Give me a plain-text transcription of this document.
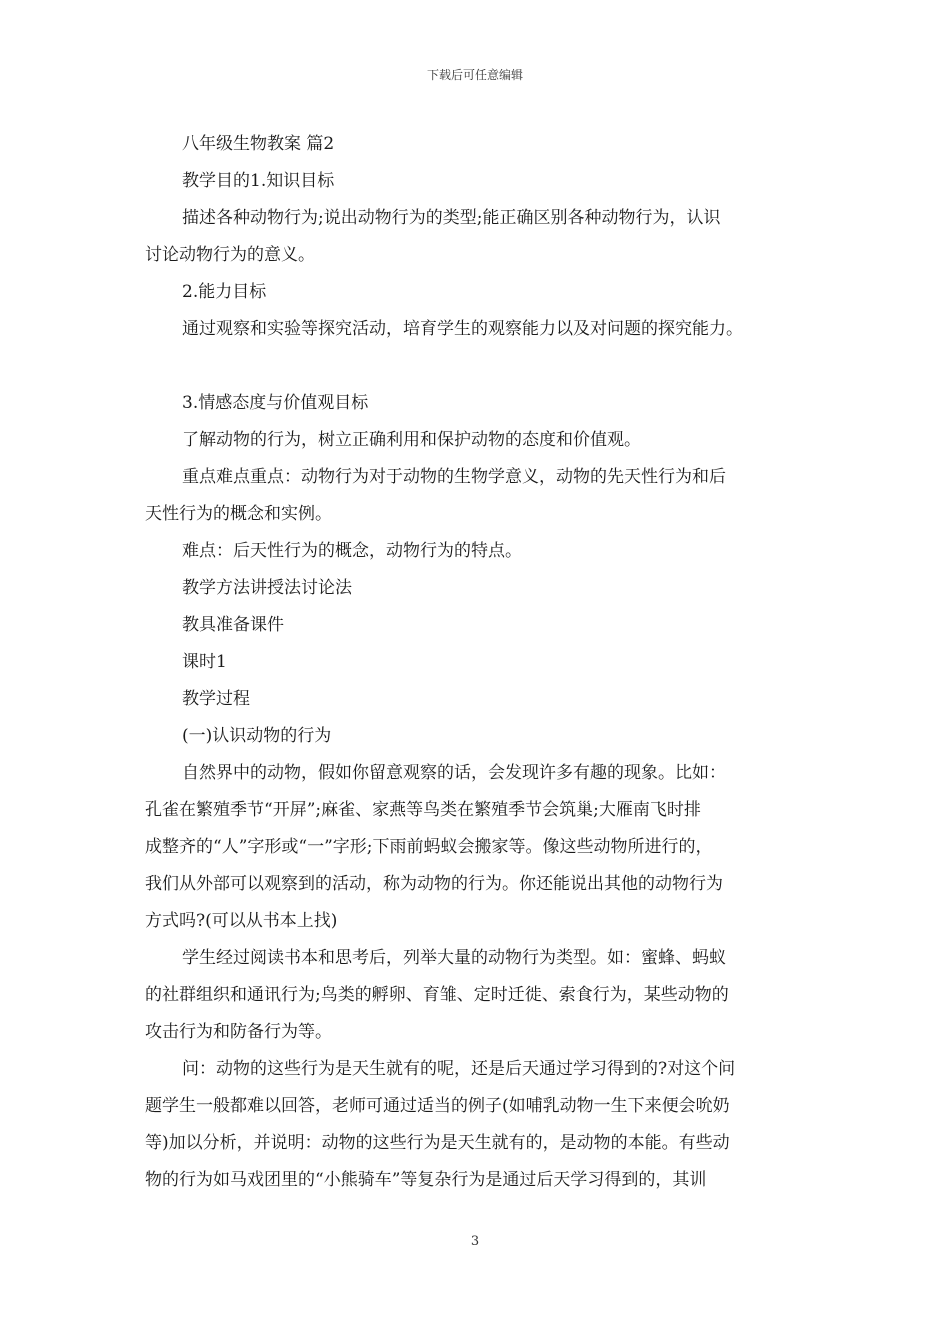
下载后可任意编辑
八年级生物教案 篇2
教学目的1.知识目标
描述各种动物行为;说出动物行为的类型;能正确区别各种动物行为，认识
讨论动物行为的意义。
2.能力目标
通过观察和实验等探究活动，培育学生的观察能力以及对问题的探究能力。
3.情感态度与价值观目标
了解动物的行为，树立正确利用和保护动物的态度和价值观。
重点难点重点：动物行为对于动物的生物学意义，动物的先天性行为和后
天性行为的概念和实例。
难点：后天性行为的概念，动物行为的特点。
教学方法讲授法讨论法
教具准备课件
课时1
教学过程
(一)认识动物的行为
自然界中的动物，假如你留意观察的话，会发现许多有趣的现象。比如：
孔雀在繁殖季节“开屏”;麻雀、家燕等鸟类在繁殖季节会筑巢;大雁南飞时排
成整齐的“人”字形或“一”字形;下雨前蚂蚁会搬家等。像这些动物所进行的，
我们从外部可以观察到的活动，称为动物的行为。你还能说出其他的动物行为
方式吗?(可以从书本上找)
学生经过阅读书本和思考后，列举大量的动物行为类型。如：蜜蜂、蚂蚁
的社群组织和通讯行为;鸟类的孵卵、育雏、定时迁徙、索食行为，某些动物的
攻击行为和防备行为等。
问：动物的这些行为是天生就有的呢，还是后天通过学习得到的?对这个问
题学生一般都难以回答，老师可通过适当的例子(如哺乳动物一生下来便会吮奶
等)加以分析，并说明：动物的这些行为是天生就有的，是动物的本能。有些动
物的行为如马戏团里的“小熊骑车”等复杂行为是通过后天学习得到的，其训
3
